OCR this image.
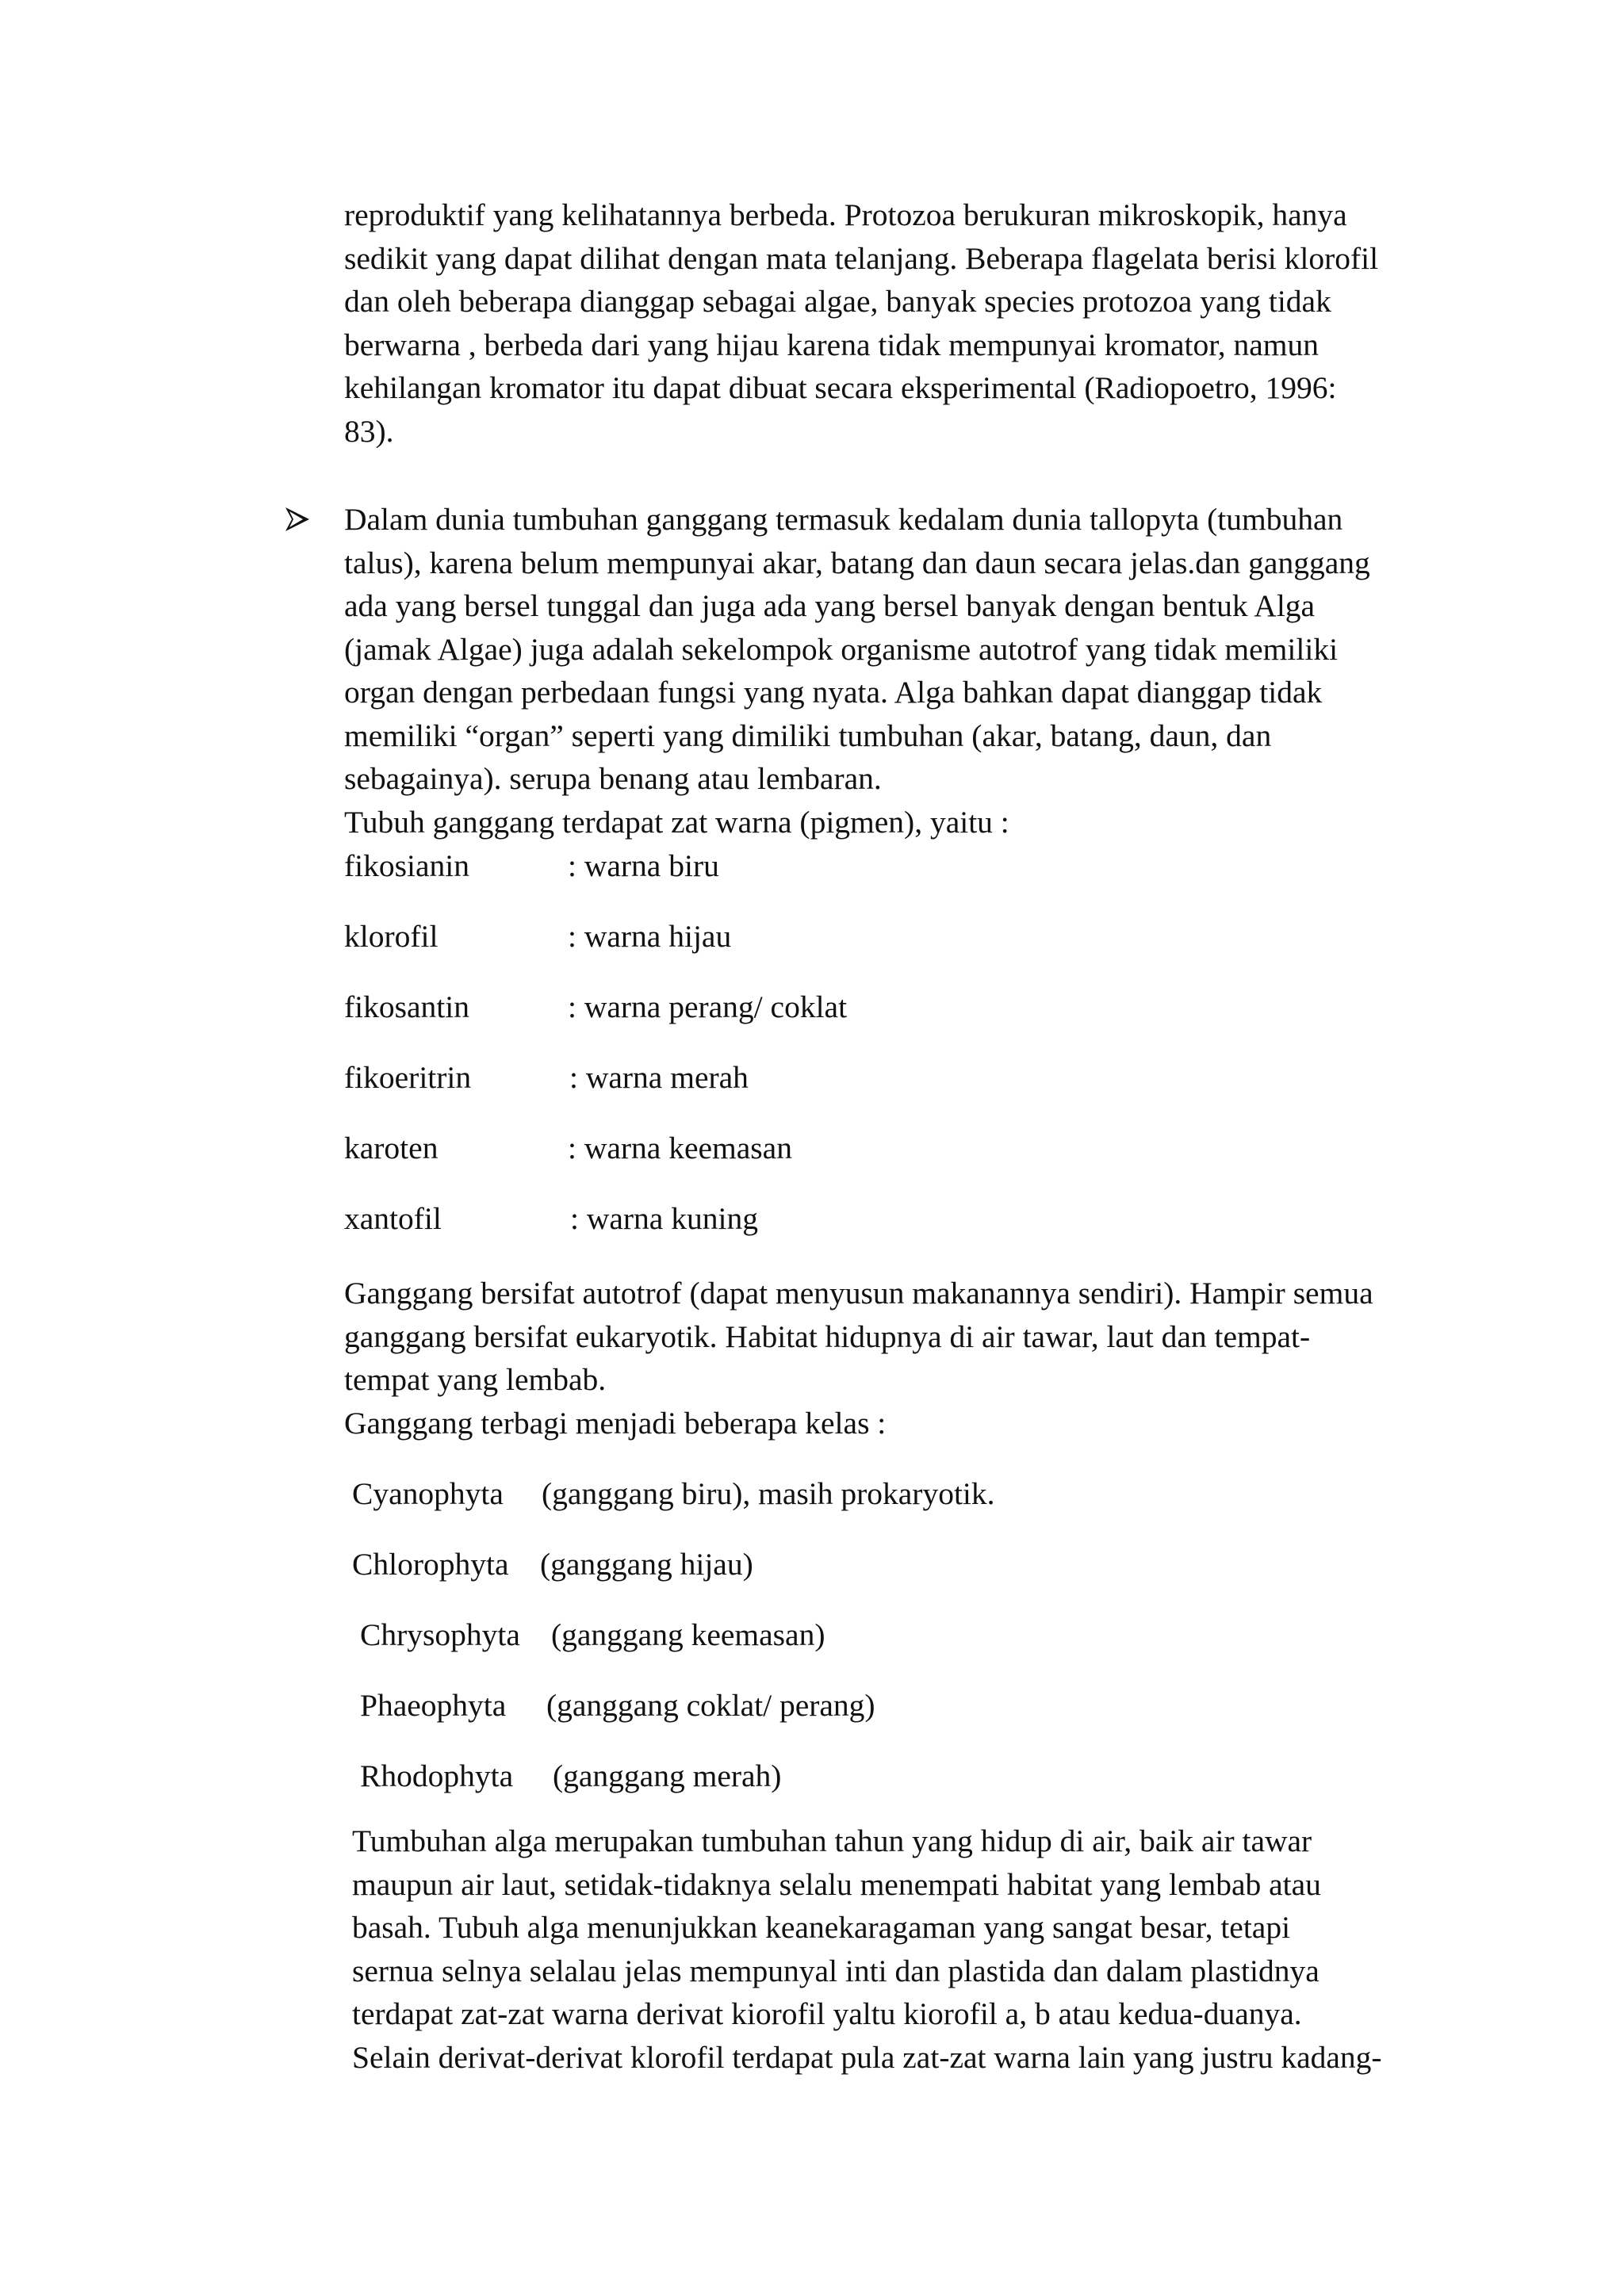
reproduktif yang kelihatannya berbeda. Protozoa berukuran mikroskopik, hanya
sedikit yang dapat dilihat dengan mata telanjang. Beberapa flagelata berisi klorofil
dan oleh beberapa dianggap sebagai algae, banyak species protozoa yang tidak
berwarna , berbeda dari yang hijau karena tidak mempunyai kromator, namun
kehilangan kromator itu dapat dibuat secara eksperimental (Radiopoetro, 1996:
83).
Dalam dunia tumbuhan ganggang termasuk kedalam dunia tallopyta (tumbuhan
talus), karena belum mempunyai akar, batang dan daun secara jelas.dan ganggang
ada yang bersel tunggal dan juga ada yang bersel banyak dengan bentuk Alga
(jamak Algae) juga adalah sekelompok organisme autotrof yang tidak memiliki
organ dengan perbedaan fungsi yang nyata. Alga bahkan dapat dianggap tidak
memiliki “organ” seperti yang dimiliki tumbuhan (akar, batang, daun, dan
sebagainya). serupa benang atau lembaran.
Tubuh ganggang terdapat zat warna (pigmen), yaitu :
fikosianin	: warna biru
klorofil	: warna hijau
fikosantin	: warna perang/ coklat
fikoeritrin	: warna merah
karoten	: warna keemasan
xantofil	: warna kuning
Ganggang bersifat autotrof (dapat menyusun makanannya sendiri). Hampir semua
ganggang bersifat eukaryotik. Habitat hidupnya di air tawar, laut dan tempat-
tempat yang lembab.
Ganggang terbagi menjadi beberapa kelas :
Cyanophyta (ganggang biru), masih prokaryotik.
Chlorophyta (ganggang hijau)
Chrysophyta (ganggang keemasan)
Phaeophyta (ganggang coklat/ perang)
Rhodophyta (ganggang merah)
Tumbuhan alga merupakan tumbuhan tahun yang hidup di air, baik air tawar
maupun air laut, setidak-tidaknya selalu menempati habitat yang lembab atau
basah. Tubuh alga menunjukkan keanekaragaman yang sangat besar, tetapi
sernua selnya selalau jelas mempunyal inti dan plastida dan dalam plastidnya
terdapat zat-zat warna derivat kiorofil yaltu kiorofil a, b atau kedua-duanya.
Selain derivat-derivat klorofil terdapat pula zat-zat warna lain yang justru kadang-
